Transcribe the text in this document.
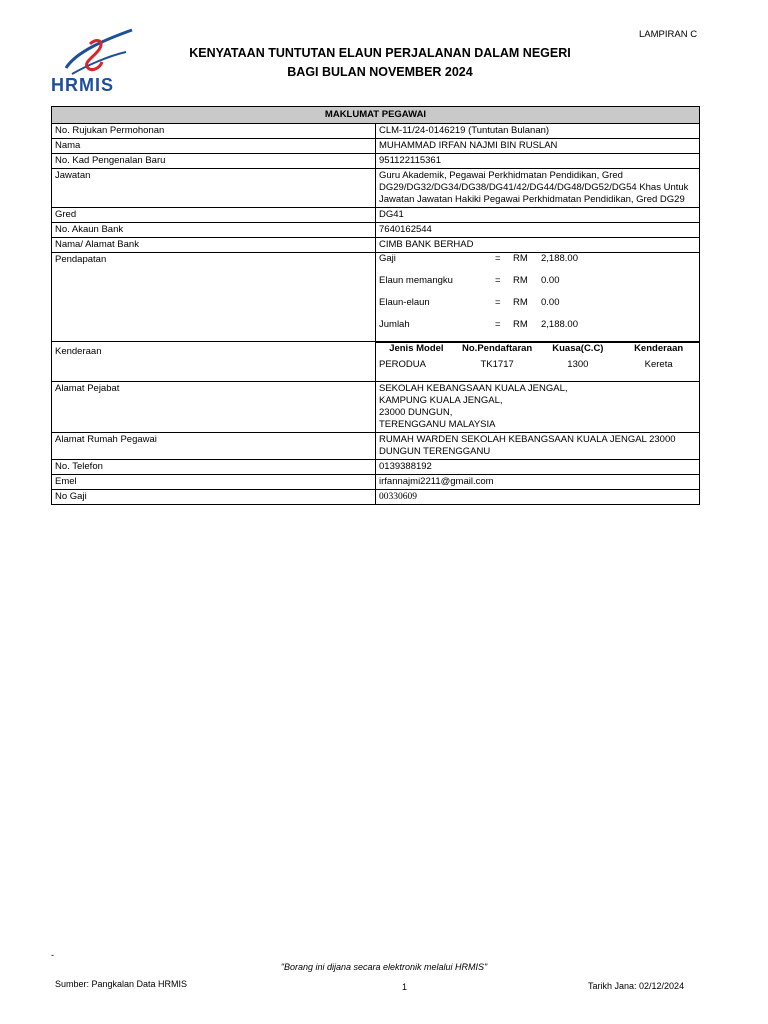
LAMPIRAN C
HRMIS
KENYATAAN TUNTUTAN ELAUN PERJALANAN DALAM NEGERI
BAGI BULAN NOVEMBER 2024
MAKLUMAT PEGAWAI
No. Rujukan Permohonan	CLM-11/24-0146219 (Tuntutan Bulanan)
Nama	MUHAMMAD IRFAN NAJMI BIN RUSLAN
No. Kad Pengenalan Baru	951122115361
Jawatan	Guru Akademik, Pegawai Perkhidmatan Pendidikan, Gred DG29/DG32/DG34/DG38/DG41/42/DG44/DG48/DG52/DG54 Khas Untuk Jawatan Jawatan Hakiki Pegawai Perkhidmatan Pendidikan, Gred DG29
Gred	DG41
No. Akaun Bank	7640162544
Nama/ Alamat Bank	CIMB BANK BERHAD
Pendapatan		Gaji	=	RM	2,188.00
Elaun memangku	=	RM	0.00
Elaun-elaun	=	RM	0.00
Jumlah	=	RM	2,188.00

Kenderaan		Jenis Model	No.Pendaftaran	Kuasa(C.C)	Kenderaan
PERODUA	TK1717	1300	Kereta

Alamat Pejabat	SEKOLAH KEBANGSAAN KUALA JENGAL,
KAMPUNG KUALA JENGAL,
23000 DUNGUN,
TERENGGANU MALAYSIA

Alamat Rumah Pegawai	RUMAH WARDEN SEKOLAH KEBANGSAAN KUALA JENGAL 23000 DUNGUN TERENGGANU
No. Telefon	0139388192
Emel	irfannajmi2211@gmail.com
No Gaji	00330609
-
"Borang ini dijana secara elektronik melalui HRMIS"
Sumber: Pangkalan Data HRMIS	1	Tarikh Jana: 02/12/2024
